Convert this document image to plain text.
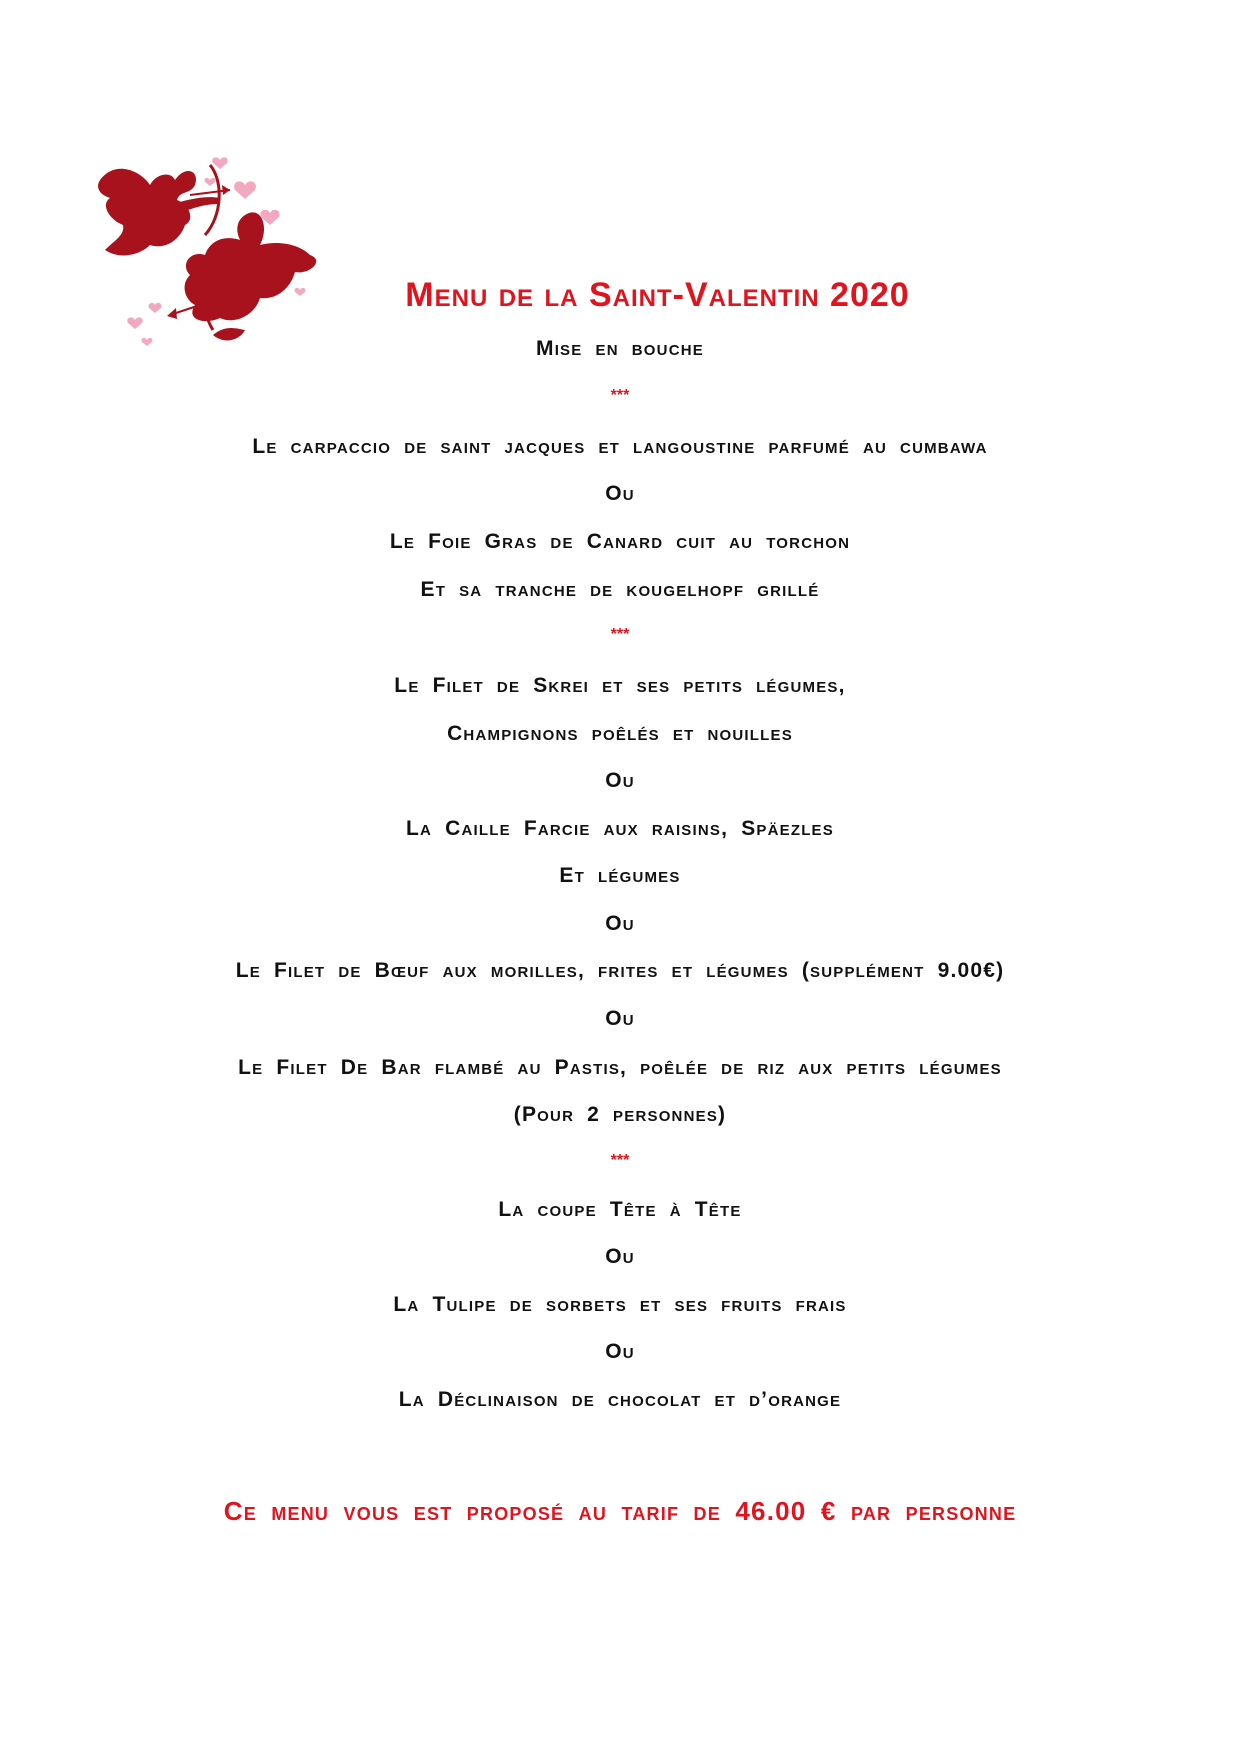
Menu de la Saint-Valentin 2020
Mise en bouche
***
Le carpaccio de saint jacques et langoustine parfumé au cumbawa
Ou
Le Foie Gras de Canard cuit au torchon
Et sa tranche de kougelhopf grillé
***
Le Filet de Skrei et ses petits légumes,
Champignons poêlés et nouilles
Ou
La Caille Farcie aux raisins, Späezles
Et légumes
Ou
Le Filet de Bœuf aux morilles, frites et légumes (supplément 9.00€)
Ou
Le Filet De Bar flambé au Pastis, poêlée de riz aux petits légumes
(Pour 2 personnes)
***
La coupe Tête à Tête
Ou
La Tulipe de sorbets et ses fruits frais
Ou
La Déclinaison de chocolat et d’orange
Ce menu vous est proposé au tarif de 46.00 € par personne
